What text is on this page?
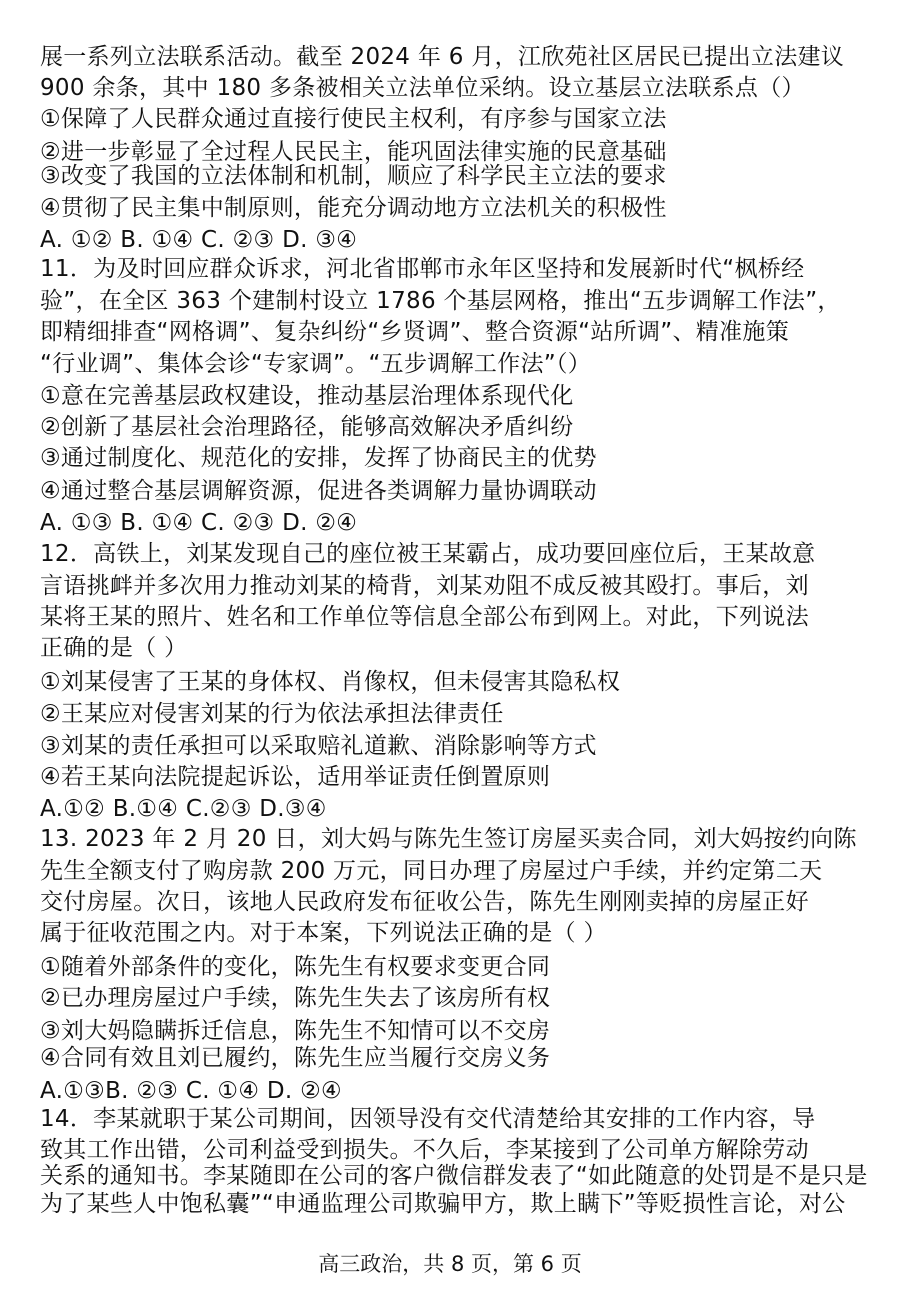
展一系列立法联系活动。截至 2024 年 6 月，江欣苑社区居民已提出立法建议
900 余条，其中 180 多条被相关立法单位采纳。设立基层立法联系点（）
①保障了人民群众通过直接行使民主权利，有序参与国家立法
②进一步彰显了全过程人民民主，能巩固法律实施的民意基础
③改变了我国的立法体制和机制，顺应了科学民主立法的要求
④贯彻了民主集中制原则，能充分调动地方立法机关的积极性
A. ①② B. ①④ C. ②③ D. ③④
11．为及时回应群众诉求，河北省邯郸市永年区坚持和发展新时代“枫桥经
验”，在全区 363 个建制村设立 1786 个基层网格，推出“五步调解工作法”，
即精细排查“网格调”、复杂纠纷“乡贤调”、整合资源“站所调”、精准施策
“行业调”、集体会诊“专家调”。“五步调解工作法”（）
①意在完善基层政权建设，推动基层治理体系现代化
②创新了基层社会治理路径，能够高效解决矛盾纠纷
③通过制度化、规范化的安排，发挥了协商民主的优势
④通过整合基层调解资源，促进各类调解力量协调联动
A. ①③ B. ①④ C. ②③ D. ②④
12．高铁上，刘某发现自己的座位被王某霸占，成功要回座位后，王某故意
言语挑衅并多次用力推动刘某的椅背，刘某劝阻不成反被其殴打。事后，刘
某将王某的照片、姓名和工作单位等信息全部公布到网上。对此，下列说法
正确的是（ ）
①刘某侵害了王某的身体权、肖像权，但未侵害其隐私权
②王某应对侵害刘某的行为依法承担法律责任
③刘某的责任承担可以采取赔礼道歉、消除影响等方式
④若王某向法院提起诉讼，适用举证责任倒置原则
A.①② B.①④ C.②③ D.③④
13. 2023 年 2 月 20 日，刘大妈与陈先生签订房屋买卖合同，刘大妈按约向陈
先生全额支付了购房款 200 万元，同日办理了房屋过户手续，并约定第二天
交付房屋。次日，该地人民政府发布征收公告，陈先生刚刚卖掉的房屋正好
属于征收范围之内。对于本案，下列说法正确的是（ ）
①随着外部条件的变化，陈先生有权要求变更合同
②已办理房屋过户手续，陈先生失去了该房所有权
③刘大妈隐瞒拆迁信息，陈先生不知情可以不交房
④合同有效且刘已履约，陈先生应当履行交房义务
A.①③B. ②③ C. ①④ D. ②④
14．李某就职于某公司期间，因领导没有交代清楚给其安排的工作内容，导
致其工作出错，公司利益受到损失。不久后，李某接到了公司单方解除劳动
关系的通知书。李某随即在公司的客户微信群发表了“如此随意的处罚是不是只是
为了某些人中饱私囊”“申通监理公司欺骗甲方，欺上瞒下”等贬损性言论，对公
高三政治，共 8 页，第 6 页
